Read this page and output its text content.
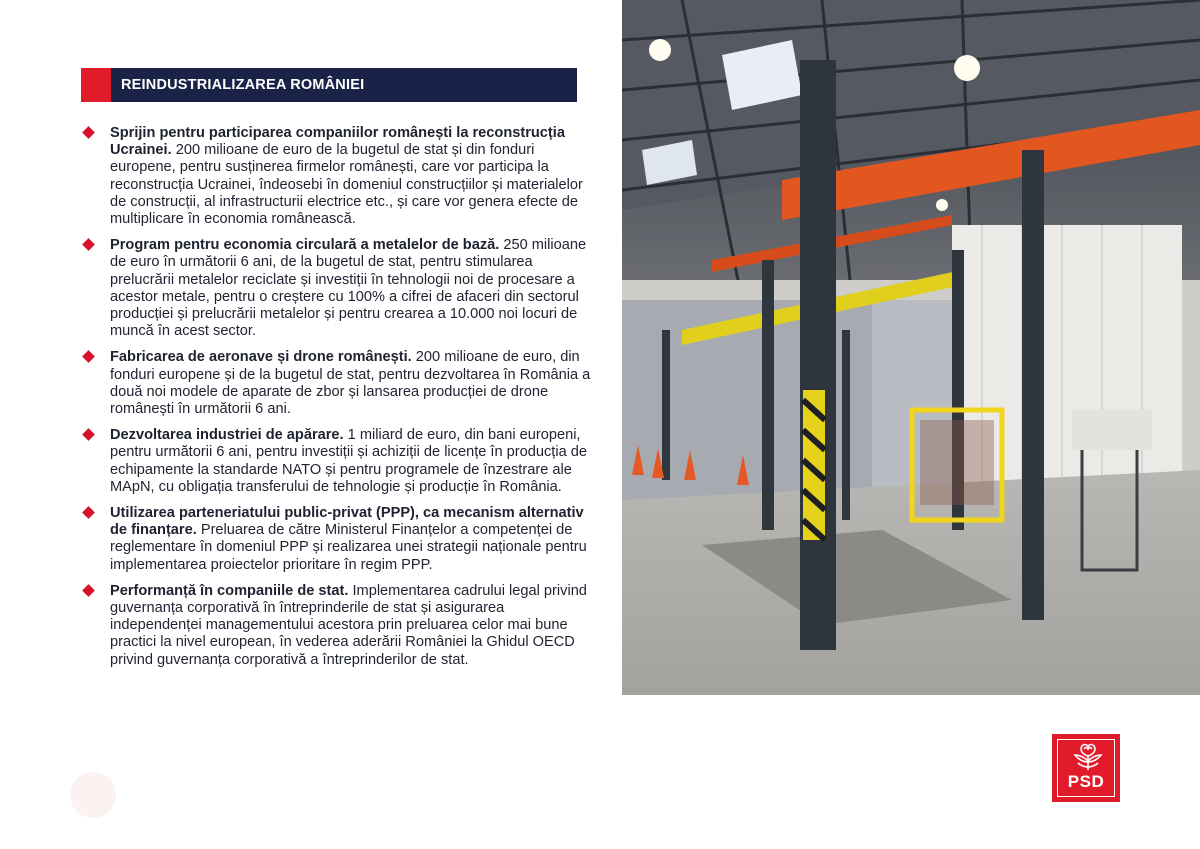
REINDUSTRIALIZAREA ROMÂNIEI
Sprijin pentru participarea companiilor românești la reconstrucția Ucrainei. 200 milioane de euro de la bugetul de stat și din fonduri europene, pentru susținerea firmelor românești, care vor participa la reconstrucția Ucrainei, îndeosebi în domeniul construcțiilor și materialelor de construcții, al infrastructurii electrice etc., și care vor genera efecte de multiplicare în economia românească.
Program pentru economia circulară a metalelor de bază. 250 milioane de euro în următorii 6 ani, de la bugetul de stat, pentru stimularea prelucrării metalelor reciclate și investiții în tehnologii noi de procesare a acestor metale, pentru o creștere cu 100% a cifrei de afaceri din sectorul producției și prelucrării metalelor și pentru crearea a 10.000 noi locuri de muncă în acest sector.
Fabricarea de aeronave și drone românești. 200 milioane de euro, din fonduri europene și de la bugetul de stat, pentru dezvoltarea în România a două noi modele de aparate de zbor și lansarea producției de drone românești în următorii 6 ani.
Dezvoltarea industriei de apărare. 1 miliard de euro, din bani europeni, pentru următorii 6 ani, pentru investiții și achiziții de licențe în producția de echipamente la standarde NATO și pentru programele de înzestrare ale MApN, cu obligația transferului de tehnologie și producție în România.
Utilizarea parteneriatului public-privat (PPP), ca mecanism alternativ de finanțare. Preluarea de către Ministerul Finanțelor a competenței de reglementare în domeniul PPP și realizarea unei strategii naționale pentru implementarea proiectelor prioritare în regim PPP.
Performanță în companiile de stat. Implementarea cadrului legal privind guvernanța corporativă în întreprinderile de stat și asigurarea independenței managementului acestora prin preluarea celor mai bune practici la nivel european, în vederea aderării României la Ghidul OECD privind guvernanța corporativă a întreprinderilor de stat.
PSD
